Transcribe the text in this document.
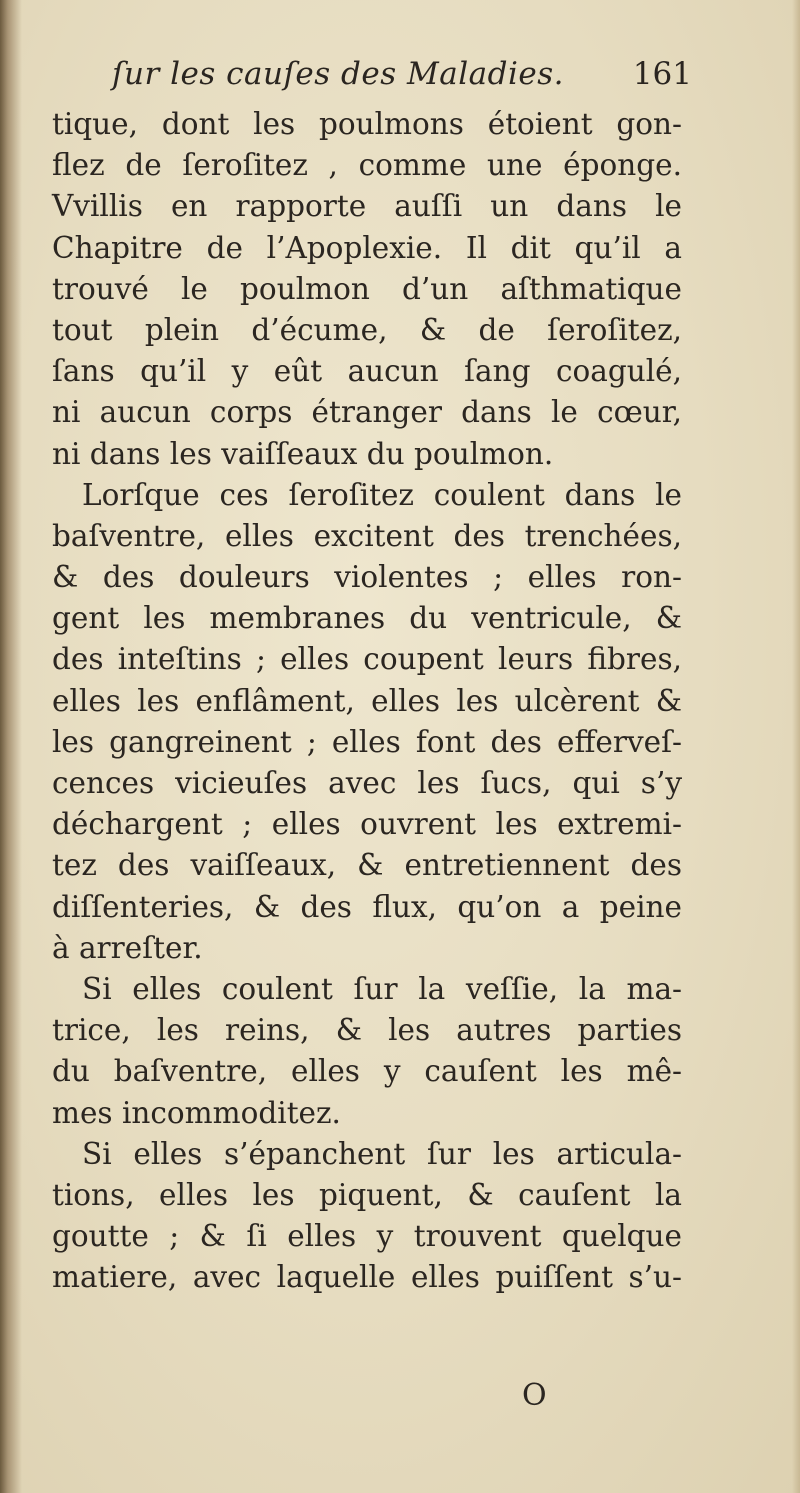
ſur les cauſes des Maladies. 161
tique, dont les poulmons étoient gon-
flez de ſeroſitez , comme une éponge.
Vvillis en rapporte auſſi un dans le
Chapitre de l’Apoplexie. Il dit qu’il a
trouvé le poulmon d’un aſthmatique
tout plein d’écume, & de ſeroſitez,
ſans qu’il y eût aucun ſang coagulé,
ni aucun corps étranger dans le cœur,
ni dans les vaiſſeaux du poulmon.
Lorſque ces ſeroſitez coulent dans le
baſventre, elles excitent des trenchées,
& des douleurs violentes ; elles ron-
gent les membranes du ventricule, &
des inteſtins ; elles coupent leurs fibres,
elles les enflâment, elles les ulcèrent &
les gangreinent ; elles font des efferveſ-
cences vicieuſes avec les ſucs, qui s’y
déchargent ; elles ouvrent les extremi-
tez des vaiſſeaux, & entretiennent des
diſſenteries, & des flux, qu’on a peine
à arreſter.
Si elles coulent ſur la veſſie, la ma-
trice, les reins, & les autres parties
du baſventre, elles y cauſent les mê-
mes incommoditez.
Si elles s’épanchent ſur les articula-
tions, elles les piquent, & cauſent la
goutte ; & ſi elles y trouvent quelque
matiere, avec laquelle elles puiſſent s’u-
O
